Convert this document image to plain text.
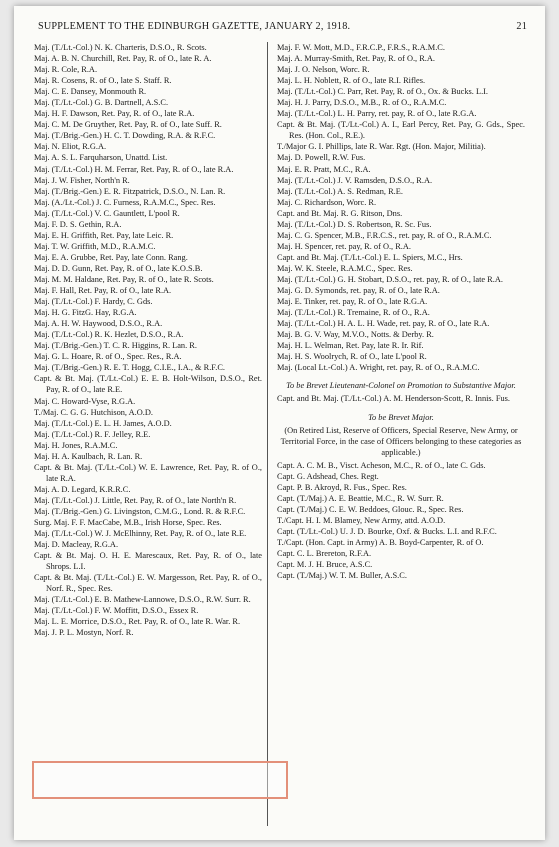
SUPPLEMENT TO THE EDINBURGH GAZETTE, JANUARY 2, 1918.	21

Maj. (T./Lt.-Col.) N. K. Charteris, D.S.O., R. Scots.

Maj. A. B. N. Churchill, Ret. Pay, R. of O., late R. A.

Maj. R. Cole, R.A.

Maj. R. Cosens, R. of O., late S. Staff. R.

Maj. C. E. Dansey, Monmouth R.

Maj. (T./Lt.-Col.) G. B. Dartnell, A.S.C.

Maj. H. F. Dawson, Ret. Pay, R. of O., late R.A.

Maj. C. M. De Gruyther, Ret. Pay, R. of O., late Suff. R.

Maj. (T./Brig.-Gen.) H. C. T. Dowding, R.A. & R.F.C.

Maj. N. Eliot, R.G.A.

Maj. A. S. L. Farquharson, Unattd. List.

Maj. (T./Lt.-Col.) H. M. Ferrar, Ret. Pay, R. of O., late R.A.

Maj. J. W. Fisher, North'n R.

Maj. (T./Brig.-Gen.) E. R. Fitzpatrick, D.S.O., N. Lan. R.

Maj. (A./Lt.-Col.) J. C. Furness, R.A.M.C., Spec. Res.

Maj. (T./Lt.-Col.) V. C. Gauntlett, L'pool R.

Maj. F. D. S. Gethin, R.A.

Maj. E. H. Griffith, Ret. Pay, late Leic. R.

Maj. T. W. Griffith, M.D., R.A.M.C.

Maj. E. A. Grubbe, Ret. Pay, late Conn. Rang.

Maj. D. D. Gunn, Ret. Pay, R. of O., late K.O.S.B.

Maj. M. M. Haldane, Ret. Pay, R. of O., late R. Scots.

Maj. F. Hall, Ret. Pay, R. of O., late R.A.

Maj. (T./Lt.-Col.) F. Hardy, C. Gds.

Maj. H. G. FitzG. Hay, R.G.A.

Maj. A. H. W. Haywood, D.S.O., R.A.

Maj. (T./Lt.-Col.) R. K. Hezlet, D.S.O., R.A.

Maj. (T./Brig.-Gen.) T. C. R. Higgins, R. Lan. R.

Maj. G. L. Hoare, R. of O., Spec. Res., R.A.

Maj. (T./Brig.-Gen.) R. E. T. Hogg, C.I.E., I.A., & R.F.C.

Capt. & Bt. Maj. (T./Lt.-Col.) E. E. B. Holt-Wilson, D.S.O., Ret. Pay, R. of O., late R.E.

Maj. C. Howard-Vyse, R.G.A.

T./Maj. C. G. G. Hutchison, A.O.D.

Maj. (T./Lt.-Col.) E. L. H. James, A.O.D.

Maj. (T./Lt.-Col.) R. F. Jelley, R.E.

Maj. H. Jones, R.A.M.C.

Maj. H. A. Kaulbach, R. Lan. R.

Capt. & Bt. Maj. (T./Lt.-Col.) W. E. Lawrence, Ret. Pay, R. of O., late R.A.

Maj. A. D. Legard, K.R.R.C.

Maj. (T./Lt.-Col.) J. Little, Ret. Pay, R. of O., late North'n R.

Maj. (T./Brig.-Gen.) G. Livingston, C.M.G., Lond. R. & R.F.C.

Surg. Maj. F. F. MacCabe, M.B., Irish Horse, Spec. Res.

Maj. (T./Lt.-Col.) W. J. McElhinny, Ret. Pay, R. of O., late R.E.

Maj. D. Macleay, R.G.A.

Capt. & Bt. Maj. O. H. E. Marescaux, Ret. Pay, R. of O., late Shrops. L.I.

Capt. & Bt. Maj. (T./Lt.-Col.) E. W. Margesson, Ret. Pay, R. of O., Norf. R., Spec. Res.

Maj. (T./Lt.-Col.) E. B. Mathew-Lannowe, D.S.O., R.W. Surr. R.

Maj. (T./Lt.-Col.) F. W. Moffitt, D.S.O., Essex R.

Maj. L. E. Morrice, D.S.O., Ret. Pay, R. of O., late R. War. R.

Maj. J. P. L. Mostyn, Norf. R.

Maj. F. W. Mott, M.D., F.R.C.P., F.R.S., R.A.M.C.

Maj. A. Murray-Smith, Ret. Pay, R. of O., R.A.

Maj. J. O. Nelson, Worc. R.

Maj. L. H. Noblett, R. of O., late R.I. Rifles.

Maj. (T./Lt.-Col.) C. Parr, Ret. Pay, R. of O., Ox. & Bucks. L.I.

Maj. H. J. Parry, D.S.O., M.B., R. of O., R.A.M.C.

Maj. (T./Lt.-Col.) L. H. Parry, ret. pay, R. of O., late R.G.A.

Capt. & Bt. Maj. (T./Lt.-Col.) A. I., Earl Percy, Ret. Pay, G. Gds., Spec. Res. (Hon. Col., R.E.).

T./Major G. I. Phillips, late R. War. Rgt. (Hon. Major, Militia).

Maj. D. Powell, R.W. Fus.

Maj. E. R. Pratt, M.C., R.A.

Maj. (T./Lt.-Col.) J. V. Ramsden, D.S.O., R.A.

Maj. (T./Lt.-Col.) A. S. Redman, R.E.

Maj. C. Richardson, Worc. R.

Capt. and Bt. Maj. R. G. Ritson, Dns.

Maj. (T./Lt.-Col.) D. S. Robertson, R. Sc. Fus.

Maj. C. G. Spencer, M.B., F.R.C.S., ret. pay, R. of O., R.A.M.C.

Maj. H. Spencer, ret. pay, R. of O., R.A.

Capt. and Bt. Maj. (T./Lt.-Col.) E. L. Spiers, M.C., Hrs.

Maj. W. K. Steele, R.A.M.C., Spec. Res.

Maj. (T./Lt.-Col.) G. H. Stobart, D.S.O., ret. pay, R. of O., late R.A.

Maj. G. D. Symonds, ret. pay, R. of O., late R.A.

Maj. E. Tinker, ret. pay, R. of O., late R.G.A.

Maj. (T./Lt.-Col.) R. Tremaine, R. of O., R.A.

Maj. (T./Lt.-Col.) H. A. L. H. Wade, ret. pay, R. of O., late R.A.

Maj. B. G. V. Way, M.V.O., Notts. & Derby. R.

Maj. H. L. Welman, Ret. Pay, late R. Ir. Rif.

Maj. H. S. Woolrych, R. of O., late L'pool R.

Maj. (Local Lt.-Col.) A. Wright, ret. pay, R. of O., R.A.M.C.

To be Brevet Lieutenant-Colonel on Promotion to Substantive Major.

Capt. and Bt. Maj. (T./Lt.-Col.) A. M. Henderson-Scott, R. Innis. Fus.

To be Brevet Major.

(On Retired List, Reserve of Officers, Special Reserve, New Army, or Territorial Force, in the case of Officers belonging to these categories as applicable.)

Capt. A. C. M. B., Visct. Acheson, M.C., R. of O., late C. Gds.

Capt. G. Adshead, Ches. Regt.

Capt. P. B. Akroyd, R. Fus., Spec. Res.

Capt. (T./Maj.) A. E. Beattie, M.C., R. W. Surr. R.

Capt. (T./Maj.) C. E. W. Beddoes, Glouc. R., Spec. Res.

T./Capt. H. I. M. Blamey, New Army, attd. A.O.D.

Capt. (T./Lt.-Col.) U. J. D. Bourke, Oxf. & Bucks. L.I. and R.F.C.

T./Capt. (Hon. Capt. in Army) A. B. Boyd-Carpenter, R. of O.

Capt. C. L. Brereton, R.F.A.

Capt. M. J. H. Bruce, A.S.C.

Capt. (T./Maj.) W. T. M. Buller, A.S.C.
